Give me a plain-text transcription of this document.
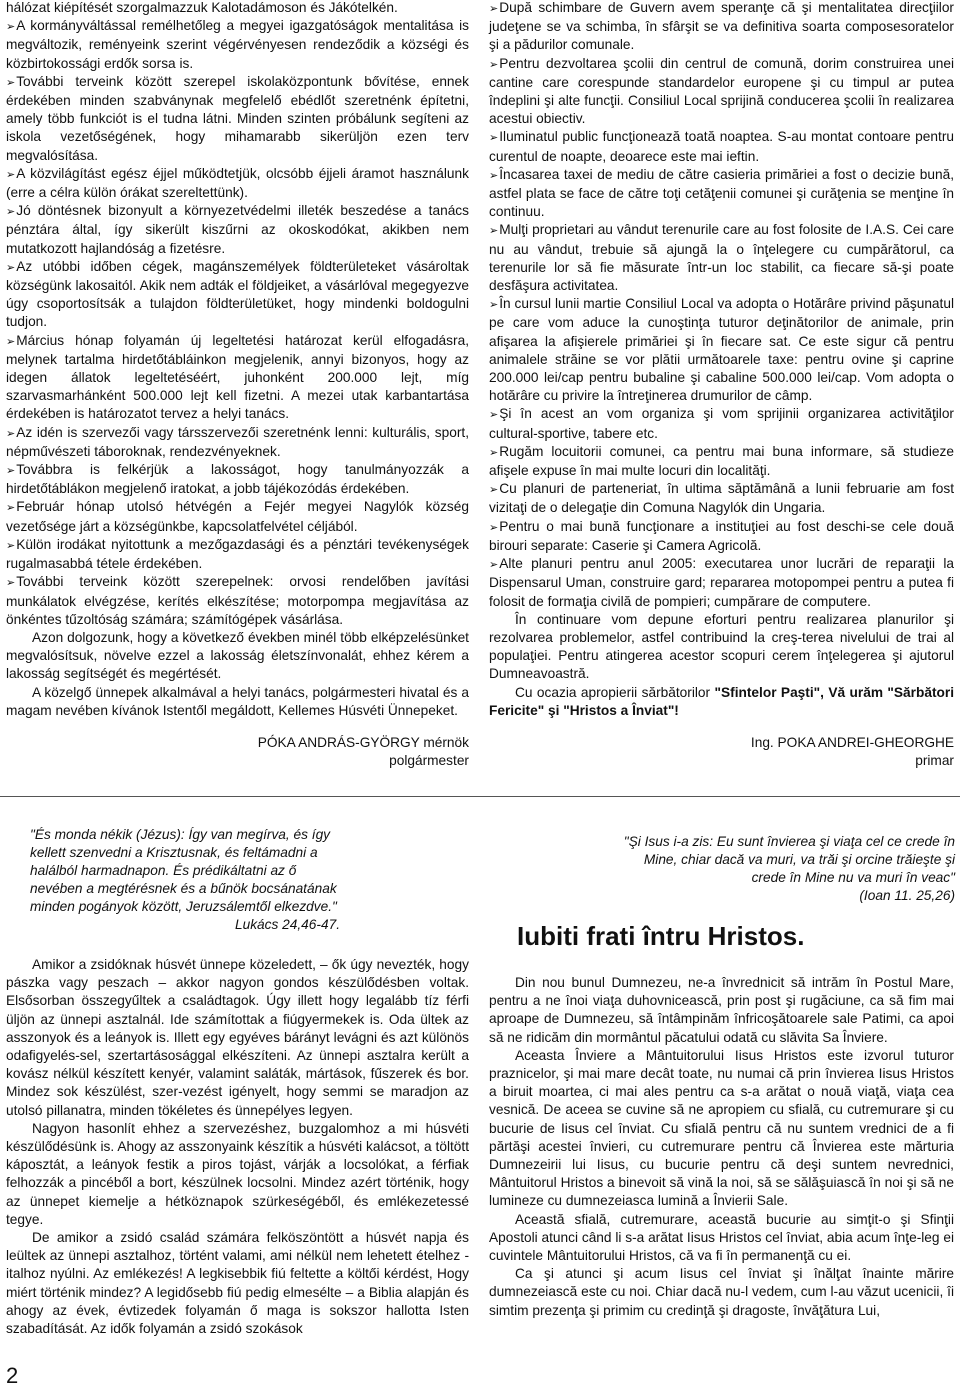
hálózat kiépítését szorgalmazzuk Kalotadámoson és Jákótelkén.

➢ A kormányváltással remélhetőleg a megyei igazgatóságok mentalitása is megváltozik, reményeink szerint végérvényesen rendeződik a községi és közbirtokossági erdők sorsa is.

➢ További terveink között szerepel iskolaközpontunk bővítése, ennek érdekében minden szabványnak megfelelő ebédlőt szeretnénk építetni, amely több funkciót is el tudna látni. Minden szinten próbálunk segíteni az iskola vezetőségének, hogy mihamarabb sikerüljön ezen terv megvalósítása.

➢ A közvilágítást egész éjjel működtetjük, olcsóbb éjjeli áramot használunk (erre a célra külön órákat szereltettünk).

➢ Jó döntésnek bizonyult a környezetvédelmi illeték beszedése a tanács pénztára által, így sikerült kiszűrni az okoskodókat, akikben nem mutatkozott hajlandóság a fizetésre.

➢ Az utóbbi időben cégek, magánszemélyek földterületeket vásároltak községünk lakosaitól. Akik nem adták el földjeiket, a vásárlóval megegyezve úgy csoportosítsák a tulajdon földterületüket, hogy mindenki boldogulni tudjon.

➢ Március hónap folyamán új legeltetési határozat kerül elfogadásra, melynek tartalma hirdetőtábláinkon megjelenik, annyi bizonyos, hogy az idegen állatok legeltetéséért, juhonként 200.000 lejt, míg szarvasmarhánként 500.000 lejt kell fizetni. A mezei utak karbantartása érdekében is határozatot tervez a helyi tanács.

➢ Az idén is szervezői vagy társszervezői szeretnénk lenni: kulturális, sport, népművészeti táboroknak, rendezvényeknek.

➢ Továbbra is felkérjük a lakosságot, hogy tanulmányozzák a hirdetőtáblákon megjelenő iratokat, a jobb tájékozódás érdekében.

➢ Február hónap utolsó hétvégén a Fejér megyei Nagylók község vezetősége járt a községünkbe, kapcsolatfelvétel céljából.

➢ Külön irodákat nyitottunk a mezőgazdasági és a pénztári tevékenységek rugalmasabbá tétele érdekében.

➢ További terveink között szerepelnek: orvosi rendelőben javítási munkálatok elvégzése, kerítés elkészítése; motorpompa megjavítása az önkéntes tűzoltóság számára; számítógépek vásárlása.

Azon dolgozunk, hogy a következő években minél több elképzelésünket megvalósítsuk, növelve ezzel a lakosság életszínvonalát, ehhez kérem a lakosság segítségét és megértését.

A közelgő ünnepek alkalmával a helyi tanács, polgármesteri hivatal és a magam nevében kívánok Istentől megáldott, Kellemes Húsvéti Ünnepeket.

PÓKA ANDRÁS-GYÖRGY mérnök
polgármester

➢ După schimbare de Guvern avem speranţe că şi mentalitatea direcţiilor judeţene se va schimba, în sfârşit se va definitiva soarta composesoratelor şi a pădurilor comunale.

➢ Pentru dezvoltarea şcolii din centrul de comună, dorim construirea unei cantine care corespunde standardelor europene şi cu timpul ar putea îndeplini şi alte funcţii. Consiliul Local sprijină conducerea şcolii în realizarea acestui obiectiv.

➢ Iluminatul public funcţionează toată noaptea. S-au montat contoare pentru curentul de noapte, deoarece este mai ieftin.

➢ Încasarea taxei de mediu de către casieria primăriei a fost o decizie bună, astfel plata se face de către toţi cetăţenii comunei şi curăţenia se menţine în continuu.

➢ Mulţi proprietari au vândut terenurile care au fost folosite de I.A.S. Cei care nu au vândut, trebuie să ajungă la o înţelegere cu cumpărătorul, ca terenurile lor să fie măsurate într-un loc stabilit, ca fiecare să-şi poate desfăşura activitatea.

➢ În cursul lunii martie Consiliul Local va adopta o Hotărâre privind păşunatul pe care vom aduce la cunoştinţa tuturor deţinătorilor de animale, prin afişarea la afişierele primăriei şi în fiecare sat. Ce este sigur că pentru animalele străine se vor plătii următoarele taxe: pentru ovine şi caprine 200.000 lei/cap pentru bubaline şi cabaline 500.000 lei/cap. Vom adopta o hotărâre cu privire la întreţinerea drumurilor de câmp.

➢ Şi în acest an vom organiza şi vom sprijinii organizarea activităţilor cultural-sportive, tabere etc.

➢ Rugăm locuitorii comunei, ca pentru mai buna informare, să studieze afişele expuse în mai multe locuri din localităţi.

➢ Cu planuri de parteneriat, în ultima săptămână a lunii februarie am fost vizitaţi de o delegaţie din Comuna Nagylók din Ungaria.

➢ Pentru o mai bună funcţionare a instituţiei au fost deschi-se cele două birouri separate: Caserie şi Camera Agricolă.

➢ Alte planuri pentru anul 2005: executarea unor lucrări de reparaţii la Dispensarul Uman, construire gard; repararea motopompei pentru a putea fi folosit de formaţia civilă de pompieri; cumpărare de computere.

În continuare vom depune eforturi pentru realizarea planurilor şi rezolvarea problemelor, astfel contribuind la creş-terea nivelului de trai al populaţiei. Pentru atingerea acestor scopuri cerem înţelegerea şi ajutorul Dumneavoastră.

Cu ocazia apropierii sărbătorilor "Sfintelor Paşti", Vă urăm "Sărbători Fericite" şi "Hristos a Înviat"!

Ing. POKA ANDREI-GHEORGHE
primar
"És monda nékik (Jézus): Így van megírva, és így kellett szenvedni a Krisztusnak, és feltámadni a halálból harmadnapon. És prédikáltatni az ő nevében a megtérésnek és a bűnök bocsánatának minden pogányok között, Jeruzsálemtől elkezdve."
Lukács 24,46-47.
"Şi Isus i-a zis: Eu sunt învierea şi viaţa cel ce crede în Mine, chiar dacă va muri, va trăi şi orcine trăieşte şi crede în Mine nu va muri în veac"
(Ioan 11. 25,26)
Iubiti frati întru Hristos.

Amikor a zsidóknak húsvét ünnepe közeledett, – ők úgy nevezték, hogy pászka vagy peszach – akkor nagyon gondos készülődésben voltak. Elsősorban összegyűltek a családtagok. Úgy illett hogy legalább tíz férfi üljön az ünnepi asztalnál. Ide számítottak a fiúgyermekek is. Oda ültek az asszonyok és a leányok is. Illett egy egyéves bárányt levágni és azt különös odafigyelés-sel, szertartásosággal elkészíteni. Az ünnepi asztalra került a kovász nélkül készített kenyér, valamint saláták, mártások, fűszerek és bor. Mindez sok készülést, szer-vezést igényelt, hogy semmi se maradjon az utolsó pillanatra, minden tökéletes és ünnepélyes legyen.

Nagyon hasonlít ehhez a szervezéshez, buzgalomhoz a mi húsvéti készülődésünk is. Ahogy az asszonyaink készítik a húsvéti kalácsot, a töltött káposztát, a leányok festik a piros tojást, várják a locsolókat, a férfiak felhozzák a pincéből a bort, készülnek locsolni. Mindez azért történik, hogy az ünnepet kiemelje a hétköznapok szürkeségéből, és emlékezetessé tegye.

De amikor a zsidó család számára felköszöntött a húsvét napja és leültek az ünnepi asztalhoz, történt valami, ami nélkül nem lehetett ételhez -italhoz nyúlni. Az emlékezés! A legkisebbik fiú feltette a költői kérdést, Hogy miért történik mindez? A legidősebb fiú pedig elmesélte – a Biblia alapján és ahogy az évek, évtizedek folyamán ő maga is sokszor hallotta Isten szabadítását. Az idők folyamán a zsidó szokások

Din nou bunul Dumnezeu, ne-a învrednicit să intrăm în Postul Mare, pentru a ne înoi viaţa duhovnicească, prin post şi rugăciune, ca să fim mai aproape de Dumnezeu, să întâmpinăm înfricoşătoarele sale Patimi, ca apoi să ne ridicăm din mormântul păcatului odată cu slăvita Sa Înviere.

Aceasta Înviere a Mântuitorului Iisus Hristos este izvorul tuturor praznicelor, şi mai mare decât toate, nu numai că prin învierea Iisus Hristos a biruit moartea, ci mai ales pentru ca s-a arătat o nouă viaţă, viaţa cea vesnică. De aceea se cuvine să ne apropiem cu sfială, cu cutremurare şi cu bucurie de Iisus cel înviat. Cu sfială pentru că nu suntem vrednici de a fi părtăşi acestei învieri, cu cutremurare pentru că Învierea este mărturia Dumnezeirii lui Iisus, cu bucurie pentru că deşi suntem nevrednici, Mântuitorul Hristos a binevoit să vină la noi, să se sălăşuiască în noi şi să ne lumineze cu dumnezeiasca lumină a Învierii Sale.

Această sfială, cutremurare, această bucurie au simţit-o şi Sfinţii Apostoli atunci când li s-a arătat Iisus Hristos cel înviat, abia acum înţe-leg ei cuvintele Mântuitorului Hristos, că va fi în permanenţă cu ei.

Ca şi atunci şi acum Iisus cel înviat şi înălţat înainte mărire dumnezeiască este cu noi. Chiar dacă nu-l vedem, cum l-au văzut ucenicii, îi simtim prezenţa şi primim cu credinţă şi dragoste, învăţătura Lui,

2
